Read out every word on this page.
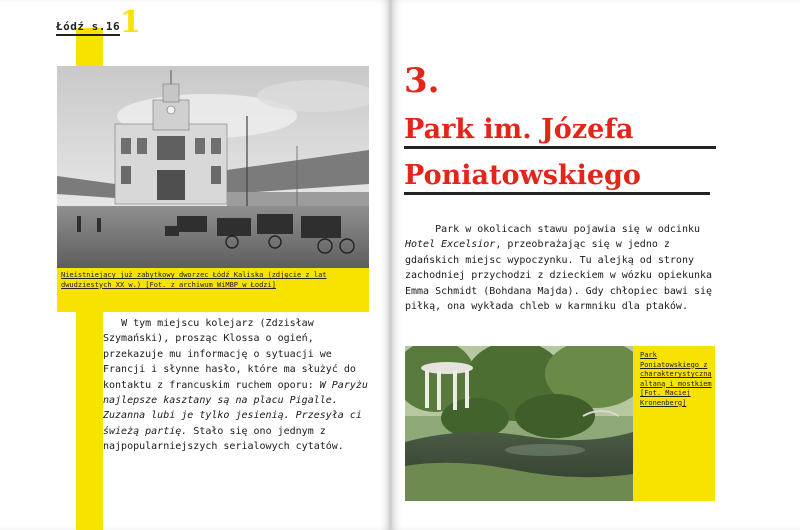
Łódź s.16 1
Nieistniejący już zabytkowy dworzec Łódź Kaliska (zdjęcie z lat dwudziestych XX w.) [Fot. z archiwum WiMBP w Łodzi]

W tym miejscu kolejarz (Zdzisław Szymański), prosząc Klossa o ogień, przekazuje mu informację o sytuacji we Francji i słynne hasło, które ma służyć do kontaktu z francuskim ruchem oporu: W Paryżu najlepsze kasztany są na placu Pigalle. Zuzanna lubi je tylko jesienią. Przesyła ci świeżą partię. Stało się ono jednym z najpopularniejszych serialowych cytatów.

3.
Park im. Józefa
Poniatowskiego

Park w okolicach stawu pojawia się w odcinku Hotel Excelsior, przeobrażając się w jedno z gdańskich miejsc wypoczynku. Tu alejką od strony zachodniej przychodzi z dzieckiem w wózku opiekunka Emma Schmidt (Bohdana Majda). Gdy chłopiec bawi się piłką, ona wykłada chleb w karmniku dla ptaków.

Park Poniatowskiego z charakterystyczną altaną i mostkiem [Fot. Maciej Kronenberg]
